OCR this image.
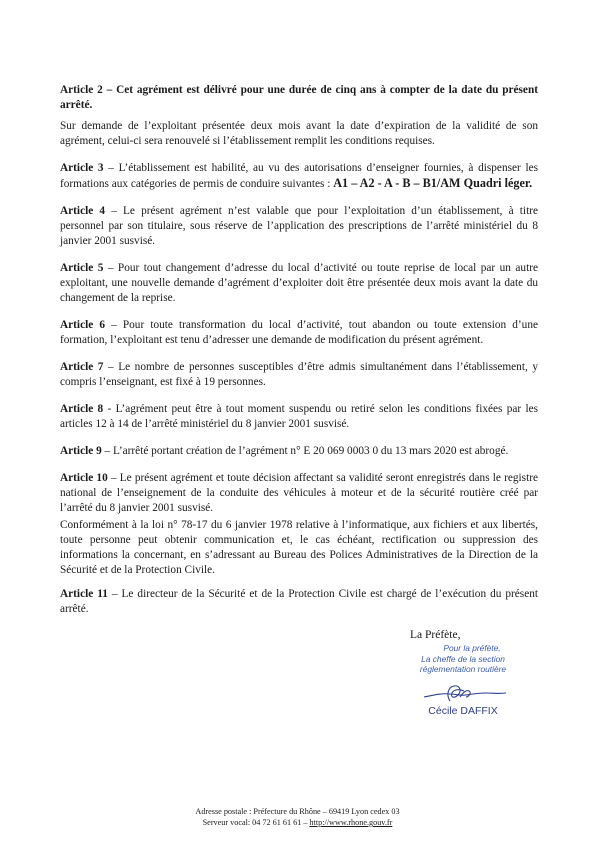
Article 2 – Cet agrément est délivré pour une durée de cinq ans à compter de la date du présent arrêté.

Sur demande de l’exploitant présentée deux mois avant la date d’expiration de la validité de son agrément, celui-ci sera renouvelé si l’établissement remplit les conditions requises.

Article 3 – L’établissement est habilité, au vu des autorisations d’enseigner fournies, à dispenser les formations aux catégories de permis de conduire suivantes : A1 – A2 - A - B – B1/AM Quadri léger.

Article 4 – Le présent agrément n’est valable que pour l’exploitation d’un établissement, à titre personnel par son titulaire, sous réserve de l’application des prescriptions de l’arrêté ministériel du 8 janvier 2001 susvisé.

Article 5 – Pour tout changement d’adresse du local d’activité ou toute reprise de local par un autre exploitant, une nouvelle demande d’agrément d’exploiter doit être présentée deux mois avant la date du changement de la reprise.

Article 6 – Pour toute transformation du local d’activité, tout abandon ou toute extension d’une formation, l’exploitant est tenu d’adresser une demande de modification du présent agrément.

Article 7 – Le nombre de personnes susceptibles d’être admis simultanément dans l’établissement, y compris l’enseignant, est fixé à 19 personnes.

Article 8 - L’agrément peut être à tout moment suspendu ou retiré selon les conditions fixées par les articles 12 à 14 de l’arrêté ministériel du 8 janvier 2001 susvisé.

Article 9 – L’arrêté portant création de l’agrément n° E 20 069 0003 0 du 13 mars 2020 est abrogé.

Article 10 – Le présent agrément et toute décision affectant sa validité seront enregistrés dans le registre national de l’enseignement de la conduite des véhicules à moteur et de la sécurité routière créé par l’arrêté du 8 janvier 2001 susvisé.

Conformément à la loi n° 78-17 du 6 janvier 1978 relative à l’informatique, aux fichiers et aux libertés, toute personne peut obtenir communication et, le cas échéant, rectification ou suppression des informations la concernant, en s’adressant au Bureau des Polices Administratives de la Direction de la Sécurité et de la Protection Civile.

Article 11 – Le directeur de la Sécurité et de la Protection Civile est chargé de l’exécution du présent arrêté.

La Préfète,

Pour la préfète,
La cheffe de la section
réglementation routière
Cécile DAFFIX
Adresse postale : Préfecture du Rhône – 69419 Lyon cedex 03
Serveur vocal: 04 72 61 61 61 – http://www.rhone.gouv.fr
